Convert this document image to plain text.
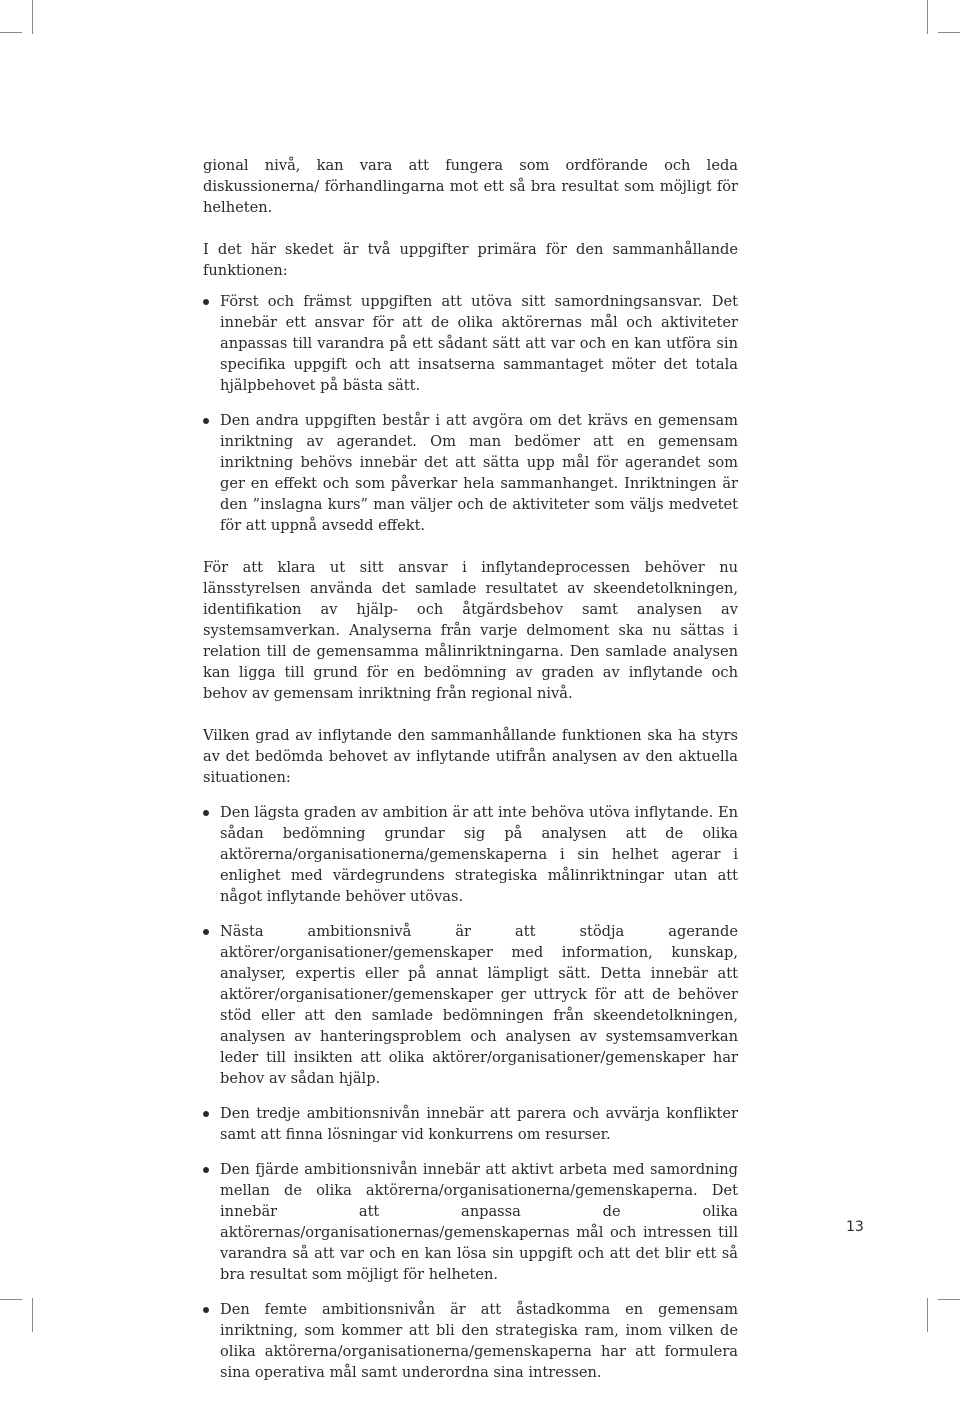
gional nivå, kan vara att fungera som ordförande och leda diskussionerna/ förhandlingarna mot ett så bra resultat som möjligt för helheten.

I det här skedet är två uppgifter primära för den sammanhållande funktionen:

Först och främst uppgiften att utöva sitt samordningsansvar. Det innebär ett ansvar för att de olika aktörernas mål och aktiviteter anpassas till varandra på ett sådant sätt att var och en kan utföra sin specifika uppgift och att insatserna sammantaget möter det totala hjälpbehovet på bästa sätt.
Den andra uppgiften består i att avgöra om det krävs en gemensam inriktning av agerandet. Om man bedömer att en gemensam inriktning behövs innebär det att sätta upp mål för agerandet som ger en effekt och som påverkar hela sammanhanget. Inriktningen är den ”inslagna kurs” man väljer och de aktiviteter som väljs medvetet för att uppnå avsedd effekt.

För att klara ut sitt ansvar i inflytandeprocessen behöver nu länsstyrelsen använda det samlade resultatet av skeendetolkningen, identifikation av hjälp- och åtgärdsbehov samt analysen av systemsamverkan. Analyserna från varje delmoment ska nu sättas i relation till de gemensamma målinriktningarna. Den samlade analysen kan ligga till grund för en bedömning av graden av inflytande och behov av gemensam inriktning från regional nivå.

Vilken grad av inflytande den sammanhållande funktionen ska ha styrs av det bedömda behovet av inflytande utifrån analysen av den aktuella situationen:

Den lägsta graden av ambition är att inte behöva utöva inflytande. En sådan bedömning grundar sig på analysen att de olika aktörerna/organisationerna/gemenskaperna i sin helhet agerar i enlighet med värdegrundens strategiska målinriktningar utan att något inflytande behöver utövas.
Nästa ambitionsnivå är att stödja agerande aktörer/organisationer/gemenskaper med information, kunskap, analyser, expertis eller på annat lämpligt sätt. Detta innebär att aktörer/organisationer/gemenskaper ger uttryck för att de behöver stöd eller att den samlade bedömningen från skeendetolkningen, analysen av hanteringsproblem och analysen av systemsamverkan leder till insikten att olika aktörer/organisationer/gemenskaper har behov av sådan hjälp.
Den tredje ambitionsnivån innebär att parera och avvärja konflikter samt att finna lösningar vid konkurrens om resurser.
Den fjärde ambitionsnivån innebär att aktivt arbeta med samordning mellan de olika aktörerna/organisationerna/gemenskaperna. Det innebär att anpassa de olika aktörernas/organisationernas/gemenskapernas mål och intressen till varandra så att var och en kan lösa sin uppgift och att det blir ett så bra resultat som möjligt för helheten.
Den femte ambitionsnivån är att åstadkomma en gemensam inriktning, som kommer att bli den strategiska ram, inom vilken de olika aktörerna/organisationerna/gemenskaperna har att formulera sina operativa mål samt underordna sina intressen.
13
